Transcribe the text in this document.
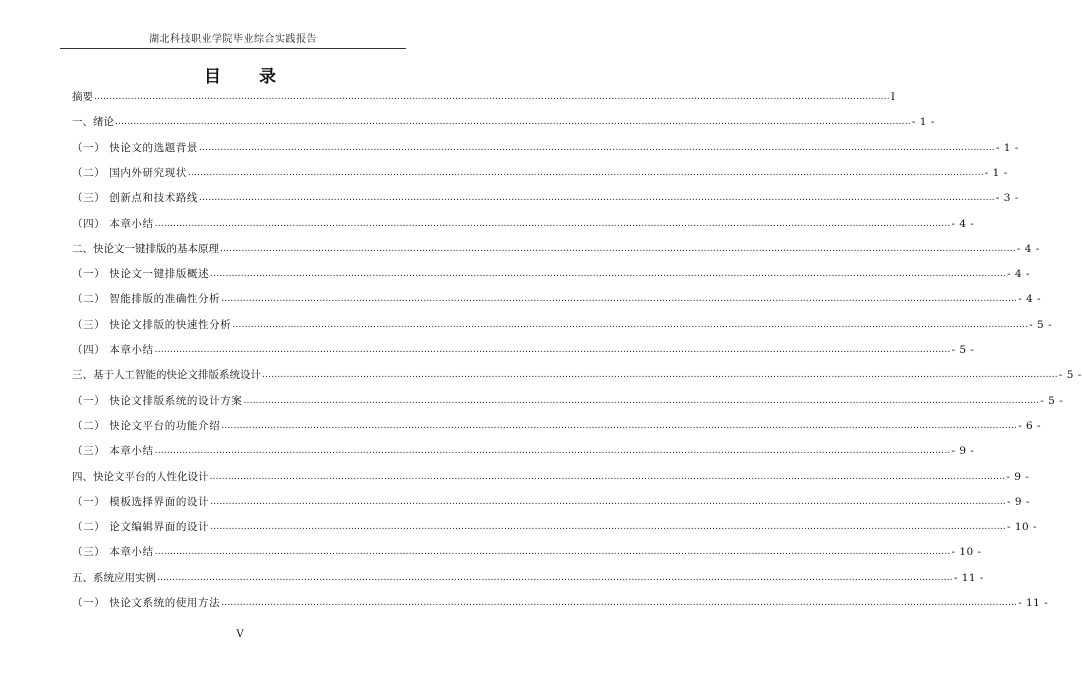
湖北科技职业学院毕业综合实践报告
目 录
摘要 .................................................................................................................................................................................................................................................................... I
一、绪论 .................................................................................................................................................................................................................................................................... - 1 -
（一） 快论文的选题背景 .................................................................................................................................................................................................................................................................... - 1 -
（二） 国内外研究现状 .................................................................................................................................................................................................................................................................... - 1 -
（三） 创新点和技术路线 .................................................................................................................................................................................................................................................................... - 3 -
（四） 本章小结 .................................................................................................................................................................................................................................................................... - 4 -
二、快论文一键排版的基本原理 .................................................................................................................................................................................................................................................................... - 4 -
（一） 快论文一键排版概述 .................................................................................................................................................................................................................................................................... - 4 -
（二） 智能排版的准确性分析 .................................................................................................................................................................................................................................................................... - 4 -
（三） 快论文排版的快速性分析 .................................................................................................................................................................................................................................................................... - 5 -
（四） 本章小结 .................................................................................................................................................................................................................................................................... - 5 -
三、基于人工智能的快论文排版系统设计 .................................................................................................................................................................................................................................................................... - 5 -
（一） 快论文排版系统的设计方案 .................................................................................................................................................................................................................................................................... - 5 -
（二） 快论文平台的功能介绍 .................................................................................................................................................................................................................................................................... - 6 -
（三） 本章小结 .................................................................................................................................................................................................................................................................... - 9 -
四、快论文平台的人性化设计 .................................................................................................................................................................................................................................................................... - 9 -
（一） 模板选择界面的设计 .................................................................................................................................................................................................................................................................... - 9 -
（二） 论文编辑界面的设计 .................................................................................................................................................................................................................................................................... - 10 -
（三） 本章小结 .................................................................................................................................................................................................................................................................... - 10 -
五、系统应用实例 .................................................................................................................................................................................................................................................................... - 11 -
（一） 快论文系统的使用方法 .................................................................................................................................................................................................................................................................... - 11 -
V
